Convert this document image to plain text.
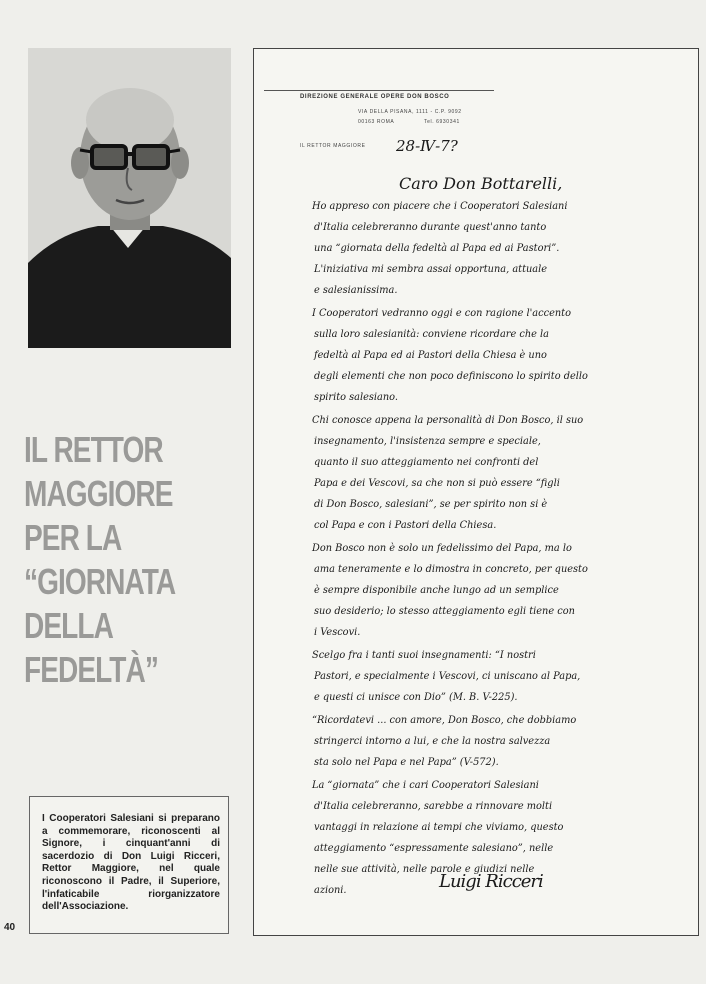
IL RETTOR
MAGGIORE
PER LA
“GIORNATA
DELLA
FEDELTÀ”

I Cooperatori Salesiani si preparano a commemorare, riconoscenti al Signore, i cinquant'anni di sacerdozio di Don Luigi Ricceri, Rettor Maggiore, nel quale riconoscono il Padre, il Superiore, l'infaticabile riorganizzatore dell'Associazione.

40
DIREZIONE GENERALE OPERE DON BOSCO
VIA DELLA PISANA, 1111 - C.P. 9092
00163 ROMA	Tel. 6930341
IL RETTOR MAGGIORE 28-Ⅳ-7?
Caro Don Bottarelli,
Ho appreso con piacere che i Cooperatori Salesiani
d'Italia celebreranno durante quest'anno tanto
una “giornata della fedeltà al Papa ed ai Pastori”.
L'iniziativa mi sembra assai opportuna, attuale
e salesianissima.
I Cooperatori vedranno oggi e con ragione l'accento
sulla loro salesianità: conviene ricordare che la
fedeltà al Papa ed ai Pastori della Chiesa è uno
degli elementi che non poco definiscono lo spirito dello
spirito salesiano.
Chi conosce appena la personalità di Don Bosco, il suo
insegnamento, l'insistenza sempre e speciale,
quanto il suo atteggiamento nei confronti del
Papa e dei Vescovi, sa che non si può essere “figli
di Don Bosco, salesiani”, se per spirito non si è
col Papa e con i Pastori della Chiesa.
Don Bosco non è solo un fedelissimo del Papa, ma lo
ama teneramente e lo dimostra in concreto, per questo
è sempre disponibile anche lungo ad un semplice
suo desiderio; lo stesso atteggiamento egli tiene con
i Vescovi.
Scelgo fra i tanti suoi insegnamenti: “I nostri
Pastori, e specialmente i Vescovi, ci uniscano al Papa,
e questi ci unisce con Dio” (M. B. V-225).
“Ricordatevi ... con amore, Don Bosco, che dobbiamo
stringerci intorno a lui, e che la nostra salvezza
sta solo nel Papa e nel Papa” (V-572).
La “giornata” che i cari Cooperatori Salesiani
d'Italia celebreranno, sarebbe a rinnovare molti
vantaggi in relazione ai tempi che viviamo, questo
atteggiamento “espressamente salesiano”, nelle
nelle sue attività, nelle parole e giudizi nelle
azioni.	Luigi Ricceri
